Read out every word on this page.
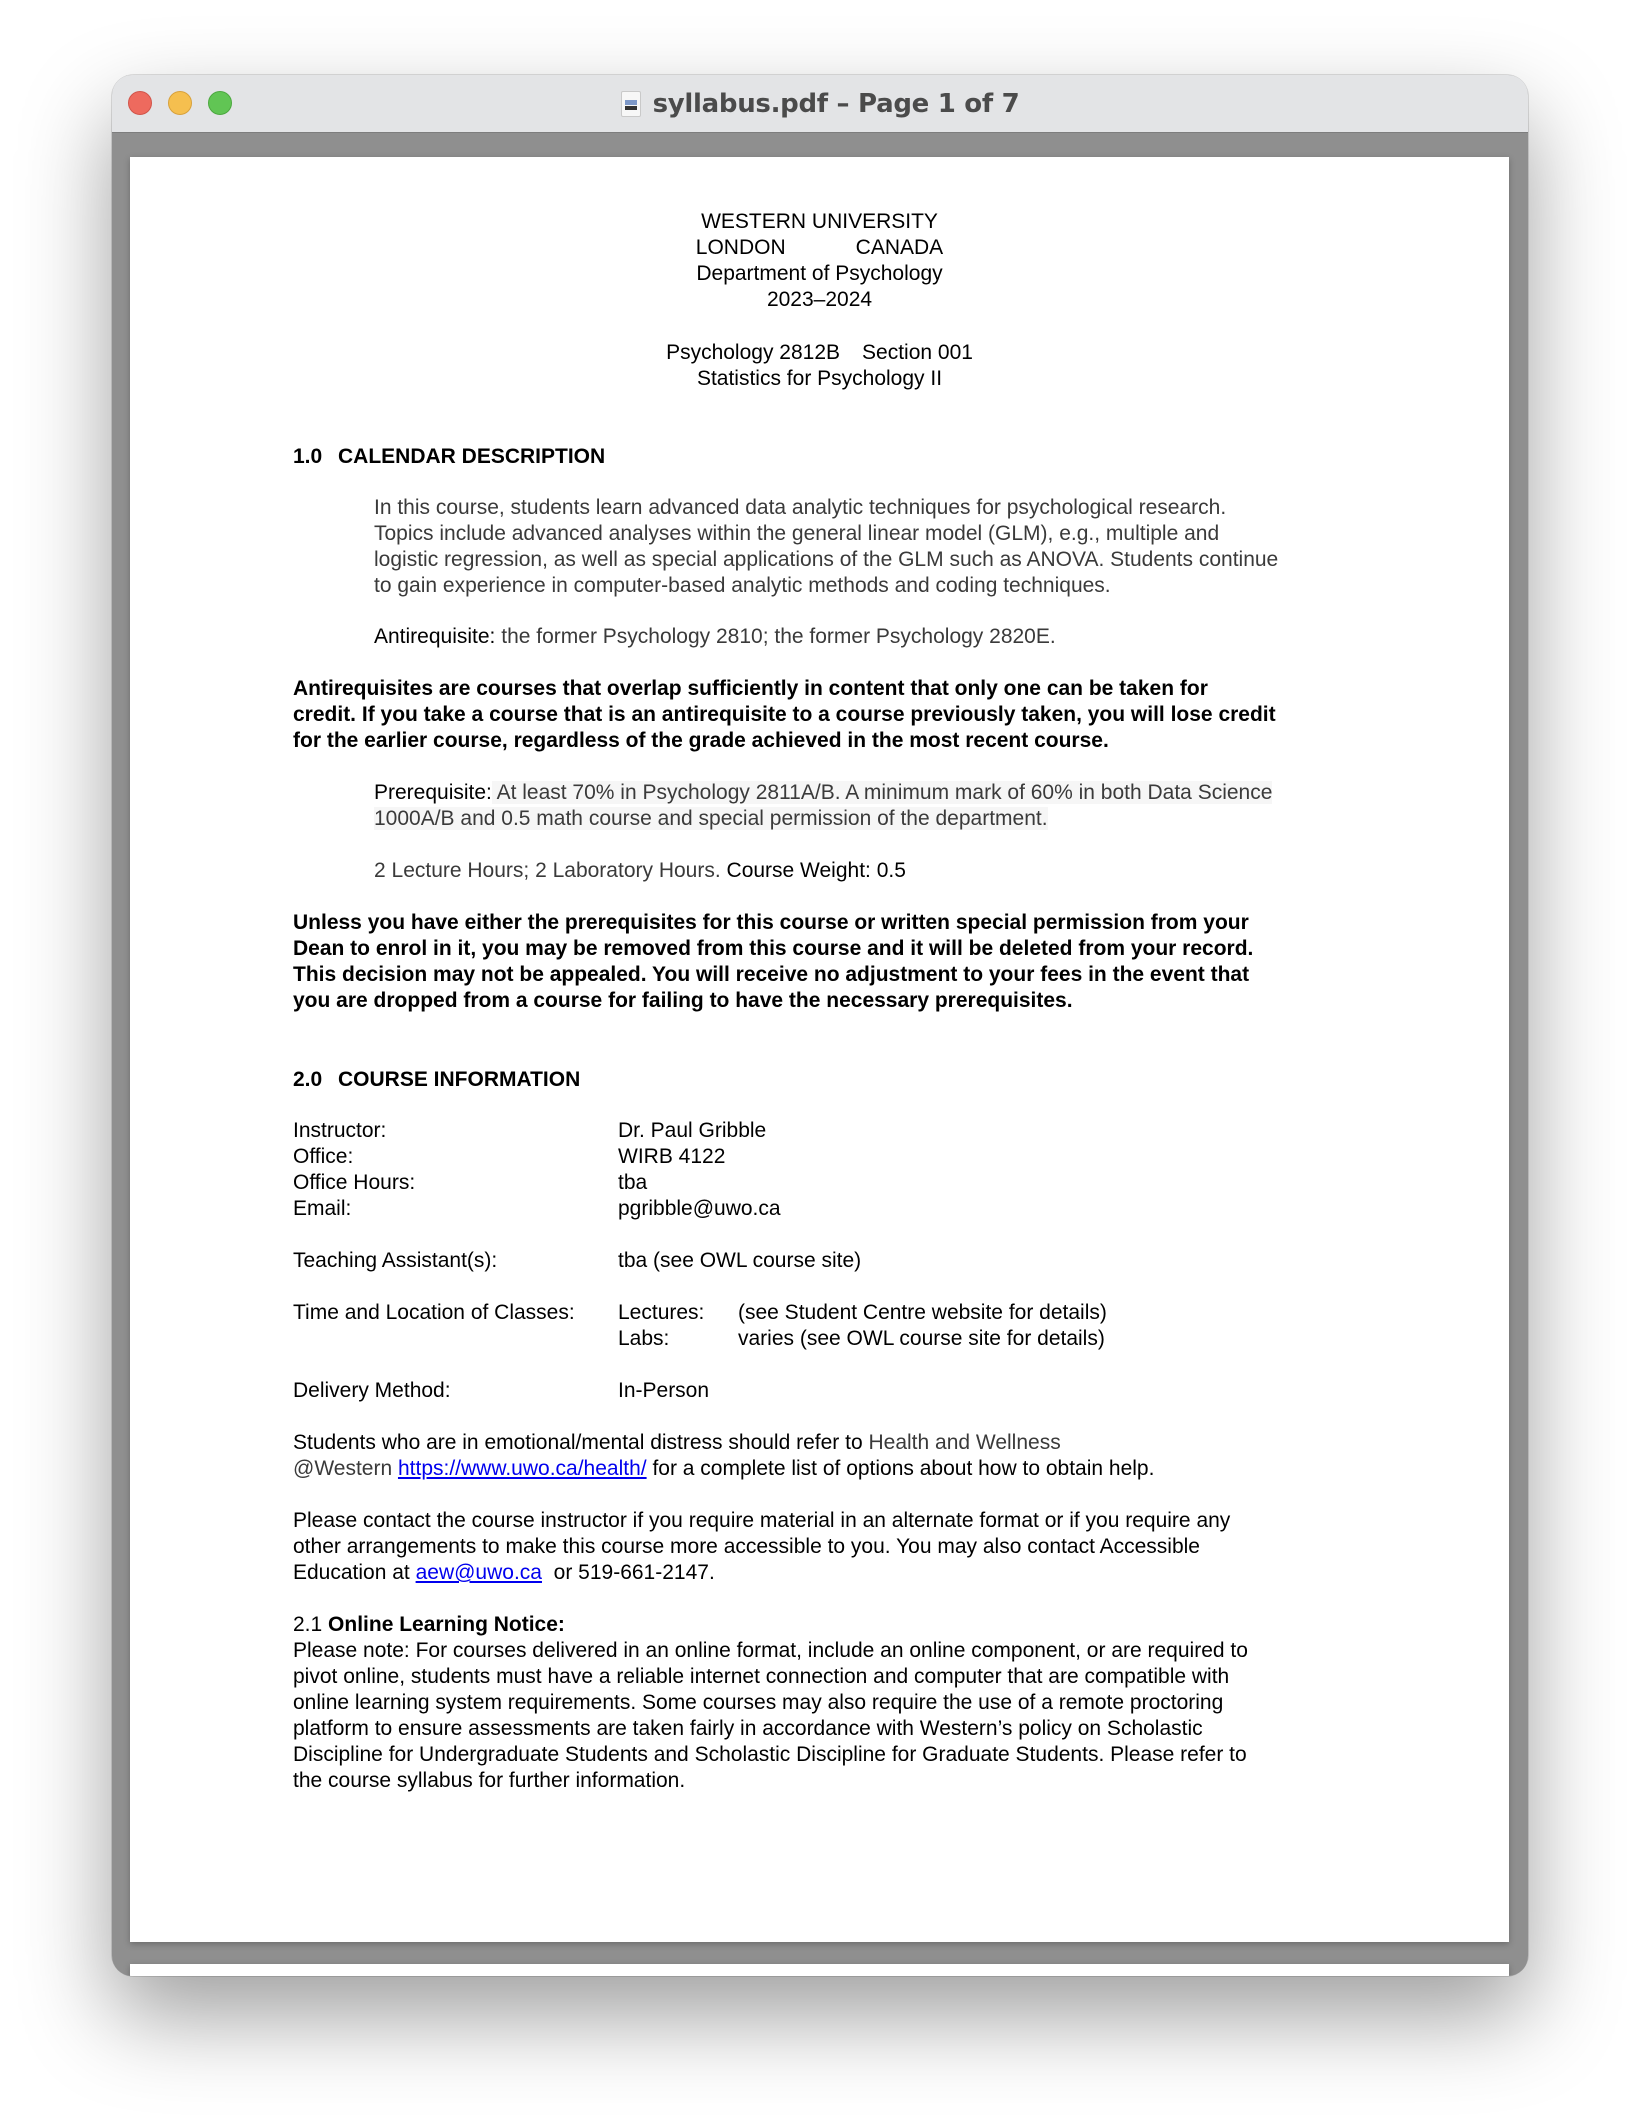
syllabus.pdf – Page 1 of 7
WESTERN UNIVERSITY
LONDON	CANADA
Department of Psychology
2023–2024
Psychology 2812B Section 001
Statistics for Psychology II
1.0 CALENDAR DESCRIPTION
In this course, students learn advanced data analytic techniques for psychological research.
Topics include advanced analyses within the general linear model (GLM), e.g., multiple and
logistic regression, as well as special applications of the GLM such as ANOVA. Students continue
to gain experience in computer-based analytic methods and coding techniques.
Antirequisite: the former Psychology 2810; the former Psychology 2820E.
Antirequisites are courses that overlap sufficiently in content that only one can be taken for
credit. If you take a course that is an antirequisite to a course previously taken, you will lose credit
for the earlier course, regardless of the grade achieved in the most recent course.
Prerequisite: At least 70% in Psychology 2811A/B. A minimum mark of 60% in both Data Science
1000A/B and 0.5 math course and special permission of the department.
2 Lecture Hours; 2 Laboratory Hours. Course Weight: 0.5
Unless you have either the prerequisites for this course or written special permission from your
Dean to enrol in it, you may be removed from this course and it will be deleted from your record.
This decision may not be appealed. You will receive no adjustment to your fees in the event that
you are dropped from a course for failing to have the necessary prerequisites.
2.0 COURSE INFORMATION
Instructor:	Dr. Paul Gribble
Office:	WIRB 4122
Office Hours:	tba
Email:	pgribble@uwo.ca
Teaching Assistant(s):	tba (see OWL course site)
Time and Location of Classes: Lectures: (see Student Centre website for details)
Labs:	varies (see OWL course site for details)
Delivery Method:	In-Person
Students who are in emotional/mental distress should refer to Health and Wellness
@Western https://www.uwo.ca/health/ for a complete list of options about how to obtain help.
Please contact the course instructor if you require material in an alternate format or if you require any
other arrangements to make this course more accessible to you. You may also contact Accessible
Education at aew@uwo.ca  or 519-661-2147.
2.1 Online Learning Notice:
Please note: For courses delivered in an online format, include an online component, or are required to
pivot online, students must have a reliable internet connection and computer that are compatible with
online learning system requirements. Some courses may also require the use of a remote proctoring
platform to ensure assessments are taken fairly in accordance with Western’s policy on Scholastic
Discipline for Undergraduate Students and Scholastic Discipline for Graduate Students. Please refer to
the course syllabus for further information.
